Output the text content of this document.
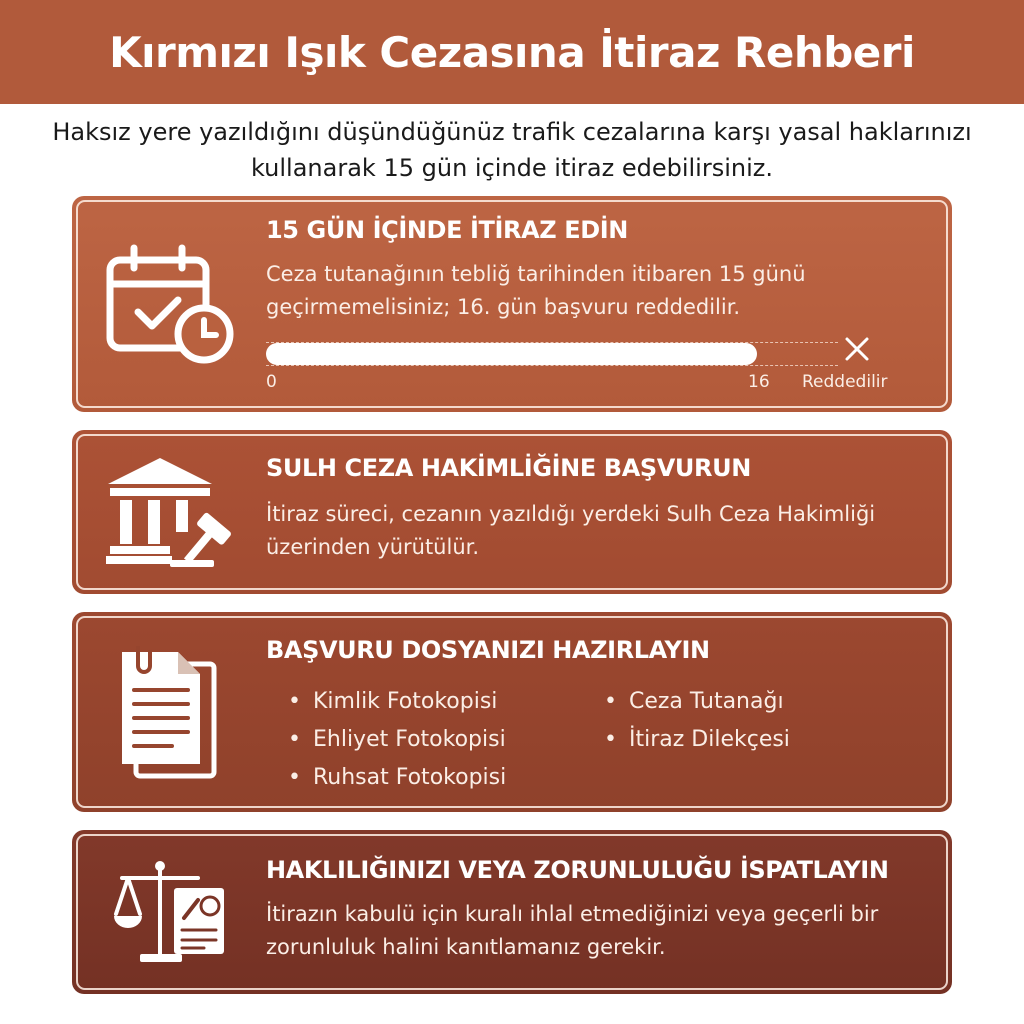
Kırmızı Işık Cezasına İtiraz Rehberi
Haksız yere yazıldığını düşündüğünüz trafik cezalarına karşı yasal haklarınızı kullanarak 15 gün içinde itiraz edebilirsiniz.
15 GÜN İÇİNDE İTİRAZ EDİN

Ceza tutanağının tebliğ tarihinden itibaren 15 günü geçirmemelisiniz; 16. gün başvuru reddedilir.

0	16 Reddedilir
SULH CEZA HAKİMLİĞİNE BAŞVURUN

İtiraz süreci, cezanın yazıldığı yerdeki Sulh Ceza Hakimliği üzerinden yürütülür.

BAŞVURU DOSYANIZI HAZIRLAYIN
• Kimlik Fotokopisi	• Ceza Tutanağı
• Ehliyet Fotokopisi	• İtiraz Dilekçesi
• Ruhsat Fotokopisi
HAKLILIĞINIZI VEYA ZORUNLULUĞU İSPATLAYIN

İtirazın kabulü için kuralı ihlal etmediğinizi veya geçerli bir zorunluluk halini kanıtlamanız gerekir.
